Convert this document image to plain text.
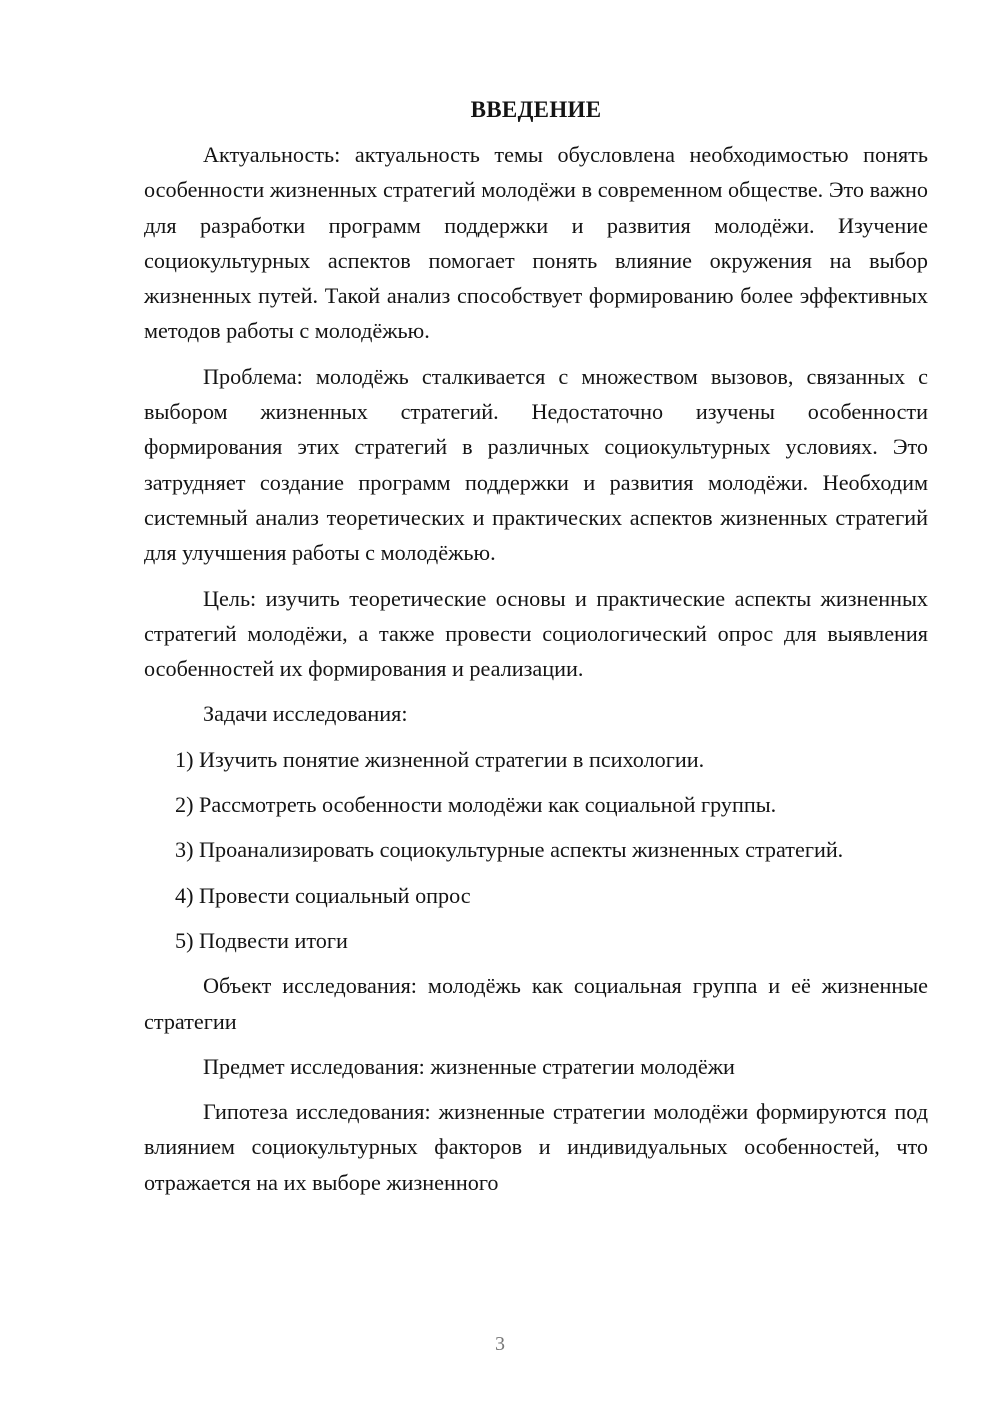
ВВЕДЕНИЕ

Актуальность: актуальность темы обусловлена необходимостью понять особенности жизненных стратегий молодёжи в современном обществе. Это важно для разработки программ поддержки и развития молодёжи. Изучение социокультурных аспектов помогает понять влияние окружения на выбор жизненных путей. Такой анализ способствует формированию более эффективных методов работы с молодёжью.

Проблема: молодёжь сталкивается с множеством вызовов, связанных с выбором жизненных стратегий. Недостаточно изучены особенности формирования этих стратегий в различных социокультурных условиях. Это затрудняет создание программ поддержки и развития молодёжи. Необходим системный анализ теоретических и практических аспектов жизненных стратегий для улучшения работы с молодёжью.

Цель: изучить теоретические основы и практические аспекты жизненных стратегий молодёжи, а также провести социологический опрос для выявления особенностей их формирования и реализации.

Задачи исследования:

1) Изучить понятие жизненной стратегии в психологии.

2) Рассмотреть особенности молодёжи как социальной группы.

3) Проанализировать социокультурные аспекты жизненных стратегий.

4) Провести социальный опрос

5) Подвести итоги

Объект исследования: молодёжь как социальная группа и её жизненные стратегии

Предмет исследования: жизненные стратегии молодёжи

Гипотеза исследования: жизненные стратегии молодёжи формируются под влиянием социокультурных факторов и индивидуальных особенностей, что отражается на их выборе жизненного

3
